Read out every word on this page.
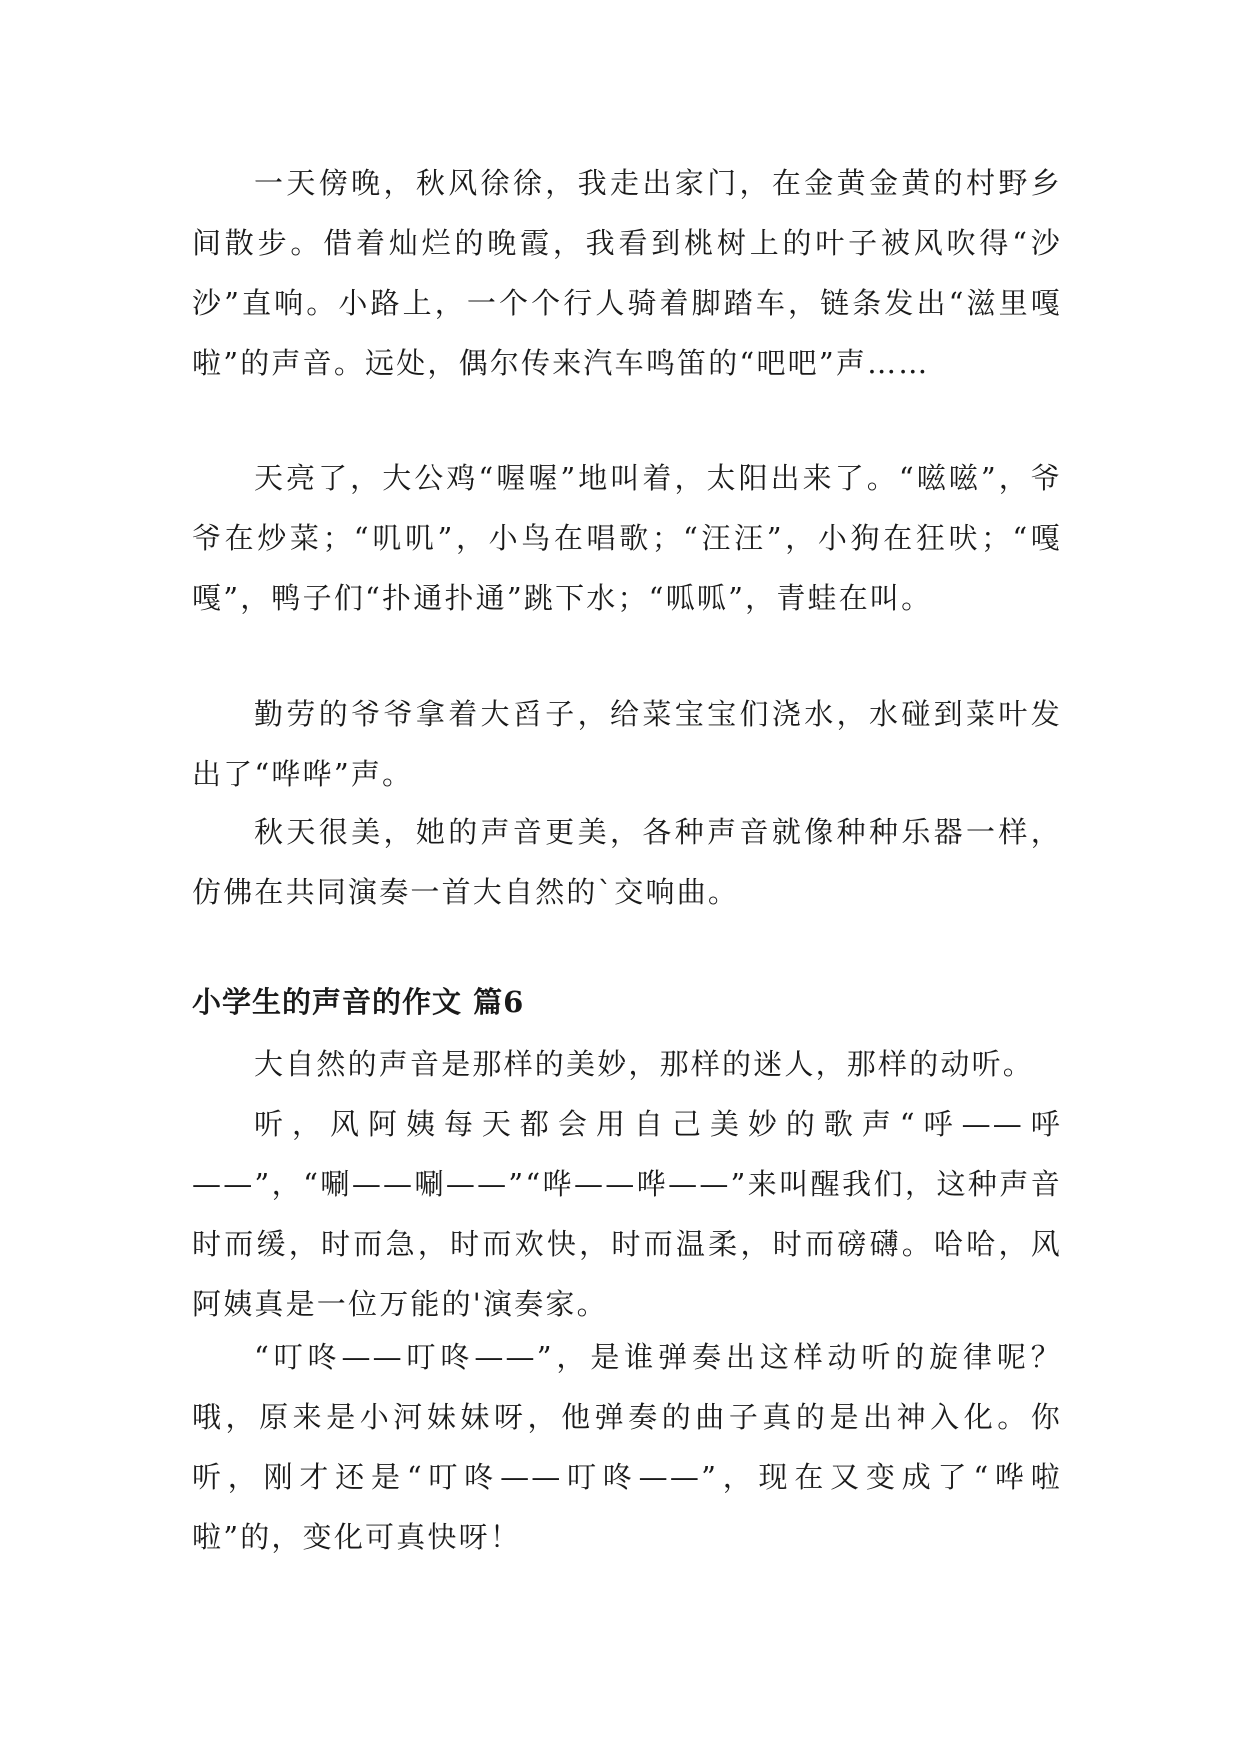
一天傍晚，秋风徐徐，我走出家门，在金黄金黄的村野乡间散步。借着灿烂的晚霞，我看到桃树上的叶子被风吹得“沙沙”直响。小路上，一个个行人骑着脚踏车，链条发出“滋里嘎啦”的声音。远处，偶尔传来汽车鸣笛的“吧吧”声……

天亮了，大公鸡“喔喔”地叫着，太阳出来了。“嗞嗞”，爷爷在炒菜；“叽叽”，小鸟在唱歌；“汪汪”，小狗在狂吠；“嘎嘎”，鸭子们“扑通扑通”跳下水；“呱呱”，青蛙在叫。

勤劳的爷爷拿着大舀子，给菜宝宝们浇水，水碰到菜叶发出了“哗哗”声。

秋天很美，她的声音更美，各种声音就像种种乐器一样，仿佛在共同演奏一首大自然的`交响曲。

小学生的声音的作文 篇6

大自然的声音是那样的美妙，那样的迷人，那样的动听。

听，风阿姨每天都会用自己美妙的歌声“呼——呼——”，“唰——唰——”“哗——哗——”来叫醒我们，这种声音时而缓，时而急，时而欢快，时而温柔，时而磅礴。哈哈，风阿姨真是一位万能的'演奏家。

“叮咚——叮咚——”，是谁弹奏出这样动听的旋律呢？哦，原来是小河妹妹呀，他弹奏的曲子真的是出神入化。你听，刚才还是“叮咚——叮咚——”，现在又变成了“哗啦啦”的，变化可真快呀！
